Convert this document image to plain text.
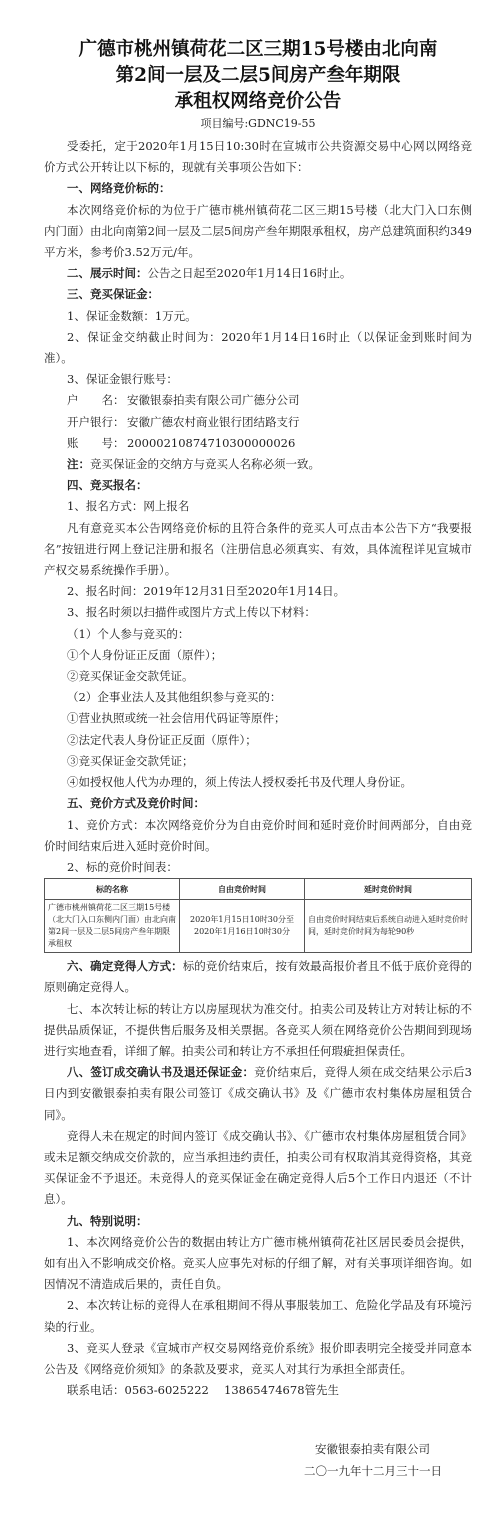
广德市桃州镇荷花二区三期15号楼由北向南

第2间一层及二层5间房产叁年期限

承租权网络竞价公告

项目编号:GDNC19-55

受委托，定于2020年1月15日10:30时在宣城市公共资源交易中心网以网络竞价方式公开转让以下标的，现就有关事项公告如下：

一、网络竞价标的：

本次网络竞价标的为位于广德市桃州镇荷花二区三期15号楼（北大门入口东侧内门面）由北向南第2间一层及二层5间房产叁年期限承租权，房产总建筑面积约349平方米，参考价3.52万元/年。

二、展示时间：公告之日起至2020年1月14日16时止。

三、竞买保证金：

1、保证金数额：1万元。

2、保证金交纳截止时间为：2020年1月14日16时止（以保证金到账时间为准）。

3、保证金银行账号：

户　　名： 安徽银泰拍卖有限公司广德分公司

开户银行： 安徽广德农村商业银行团结路支行

账　　号： 20000210874710300000026

注：竞买保证金的交纳方与竞买人名称必须一致。

四、竞买报名：

1、报名方式：网上报名

凡有意竞买本公告网络竞价标的且符合条件的竞买人可点击本公告下方“我要报名”按钮进行网上登记注册和报名（注册信息必须真实、有效，具体流程详见宣城市产权交易系统操作手册）。

2、报名时间：2019年12月31日至2020年1月14日。

3、报名时须以扫描件或图片方式上传以下材料：

（1）个人参与竞买的：

①个人身份证正反面（原件）；

②竞买保证金交款凭证。

（2）企事业法人及其他组织参与竞买的：

①营业执照或统一社会信用代码证等原件；

②法定代表人身份证正反面（原件）；

③竞买保证金交款凭证；

④如授权他人代为办理的，须上传法人授权委托书及代理人身份证。

五、竞价方式及竞价时间：

1、竞价方式：本次网络竞价分为自由竞价时间和延时竞价时间两部分，自由竞价时间结束后进入延时竞价时间。

2、标的竞价时间表：

标的名称	自由竞价时间	延时竞价时间
广德市桃州镇荷花二区三期15号楼（北大门入口东侧内门面）由北向南第2间一层及二层5间房产叁年期限承租权	2020年1月15日10时30分至2020年1月16日10时30分	自由竞价时间结束后系统自动进入延时竞价时间，延时竞价时间为每轮90秒

六、确定竞得人方式：标的竞价结束后，按有效最高报价者且不低于底价竞得的原则确定竞得人。

七、本次转让标的转让方以房屋现状为准交付。拍卖公司及转让方对转让标的不提供品质保证，不提供售后服务及相关票据。各竞买人须在网络竞价公告期间到现场进行实地查看，详细了解。拍卖公司和转让方不承担任何瑕疵担保责任。

八、签订成交确认书及退还保证金：竞价结束后，竞得人须在成交结果公示后3日内到安徽银泰拍卖有限公司签订《成交确认书》及《广德市农村集体房屋租赁合同》。

竞得人未在规定的时间内签订《成交确认书》、《广德市农村集体房屋租赁合同》或未足额交纳成交价款的，应当承担违约责任，拍卖公司有权取消其竞得资格，其竞买保证金不予退还。未竞得人的竞买保证金在确定竞得人后5个工作日内退还（不计息）。

九、特别说明：

1、本次网络竞价公告的数据由转让方广德市桃州镇荷花社区居民委员会提供，如有出入不影响成交价格。竞买人应事先对标的仔细了解，对有关事项详细咨询。如因情况不清造成后果的，责任自负。

2、本次转让标的竞得人在承租期间不得从事服装加工、危险化学品及有环境污染的行业。

3、竞买人登录《宣城市产权交易网络竞价系统》报价即表明完全接受并同意本公告及《网络竞价须知》的条款及要求，竞买人对其行为承担全部责任。

联系电话：0563-6025222　 13865474678管先生

安徽银泰拍卖有限公司

二〇一九年十二月三十一日
